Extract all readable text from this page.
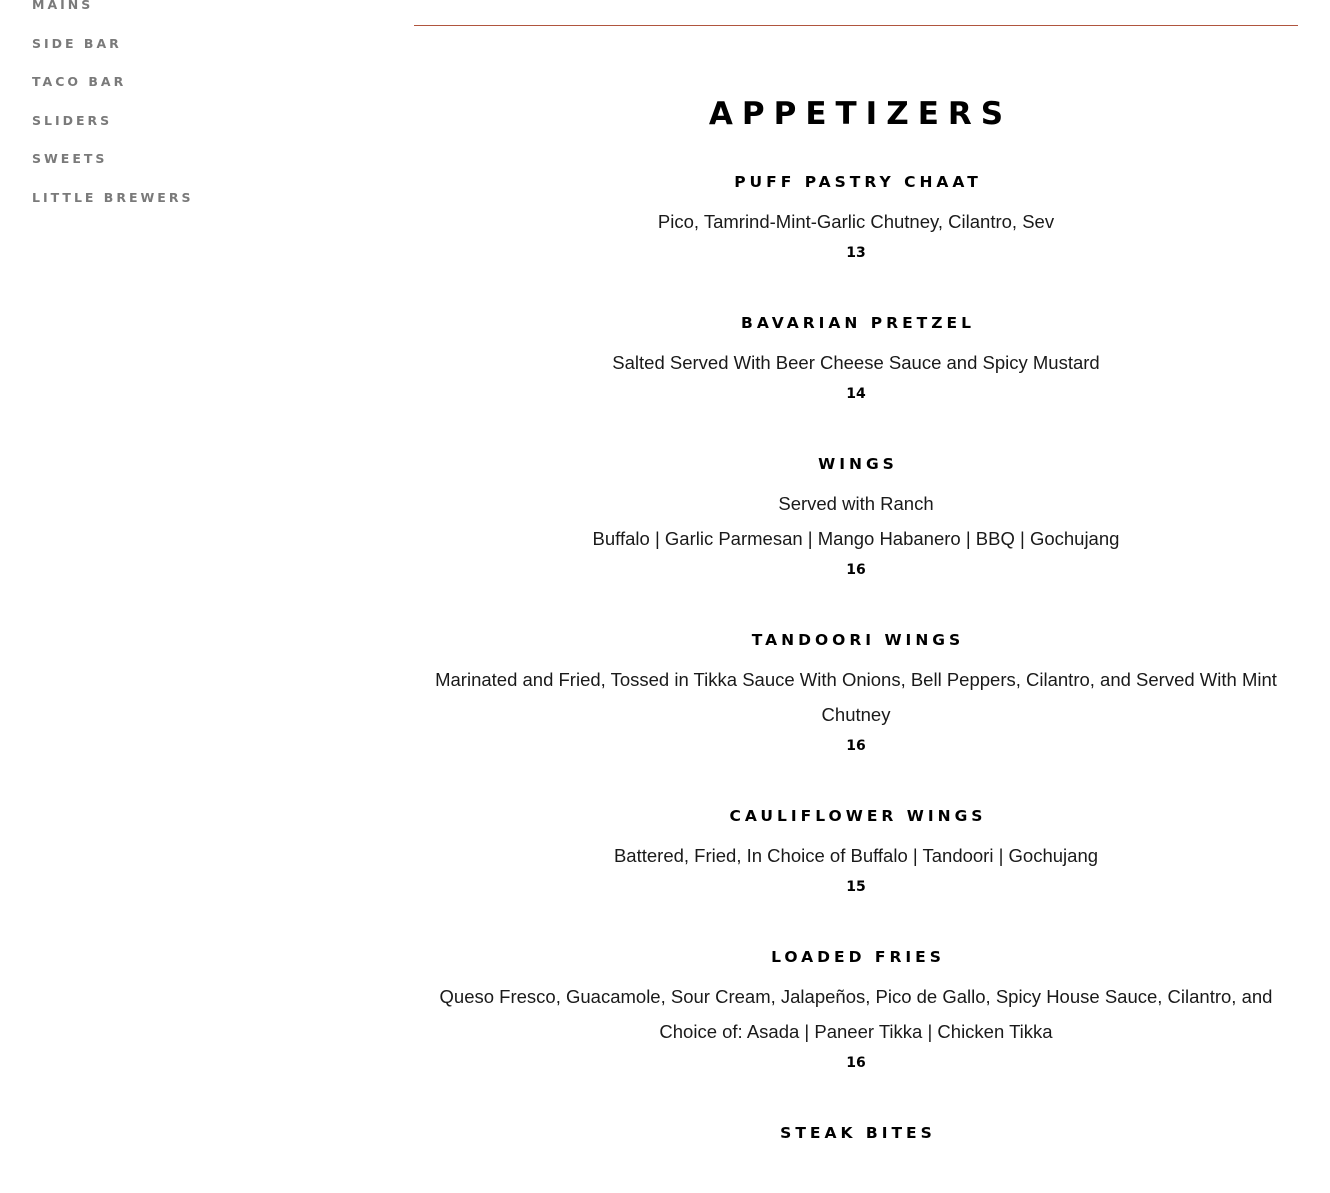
MAINS
SIDE BAR
TACO BAR
SLIDERS
SWEETS
LITTLE BREWERS
APPETIZERS
PUFF PASTRY CHAAT

Pico, Tamrind-Mint-Garlic Chutney, Cilantro, Sev

13
BAVARIAN PRETZEL

Salted Served With Beer Cheese Sauce and Spicy Mustard

14
WINGS

Served with Ranch

Buffalo | Garlic Parmesan | Mango Habanero | BBQ | Gochujang

16
TANDOORI WINGS

Marinated and Fried, Tossed in Tikka Sauce With Onions, Bell Peppers, Cilantro, and Served With Mint Chutney

16
CAULIFLOWER WINGS

Battered, Fried, In Choice of Buffalo | Tandoori | Gochujang

15
LOADED FRIES

Queso Fresco, Guacamole, Sour Cream, Jalapeños, Pico de Gallo, Spicy House Sauce, Cilantro, and Choice of: Asada | Paneer Tikka | Chicken Tikka

16
STEAK BITES
